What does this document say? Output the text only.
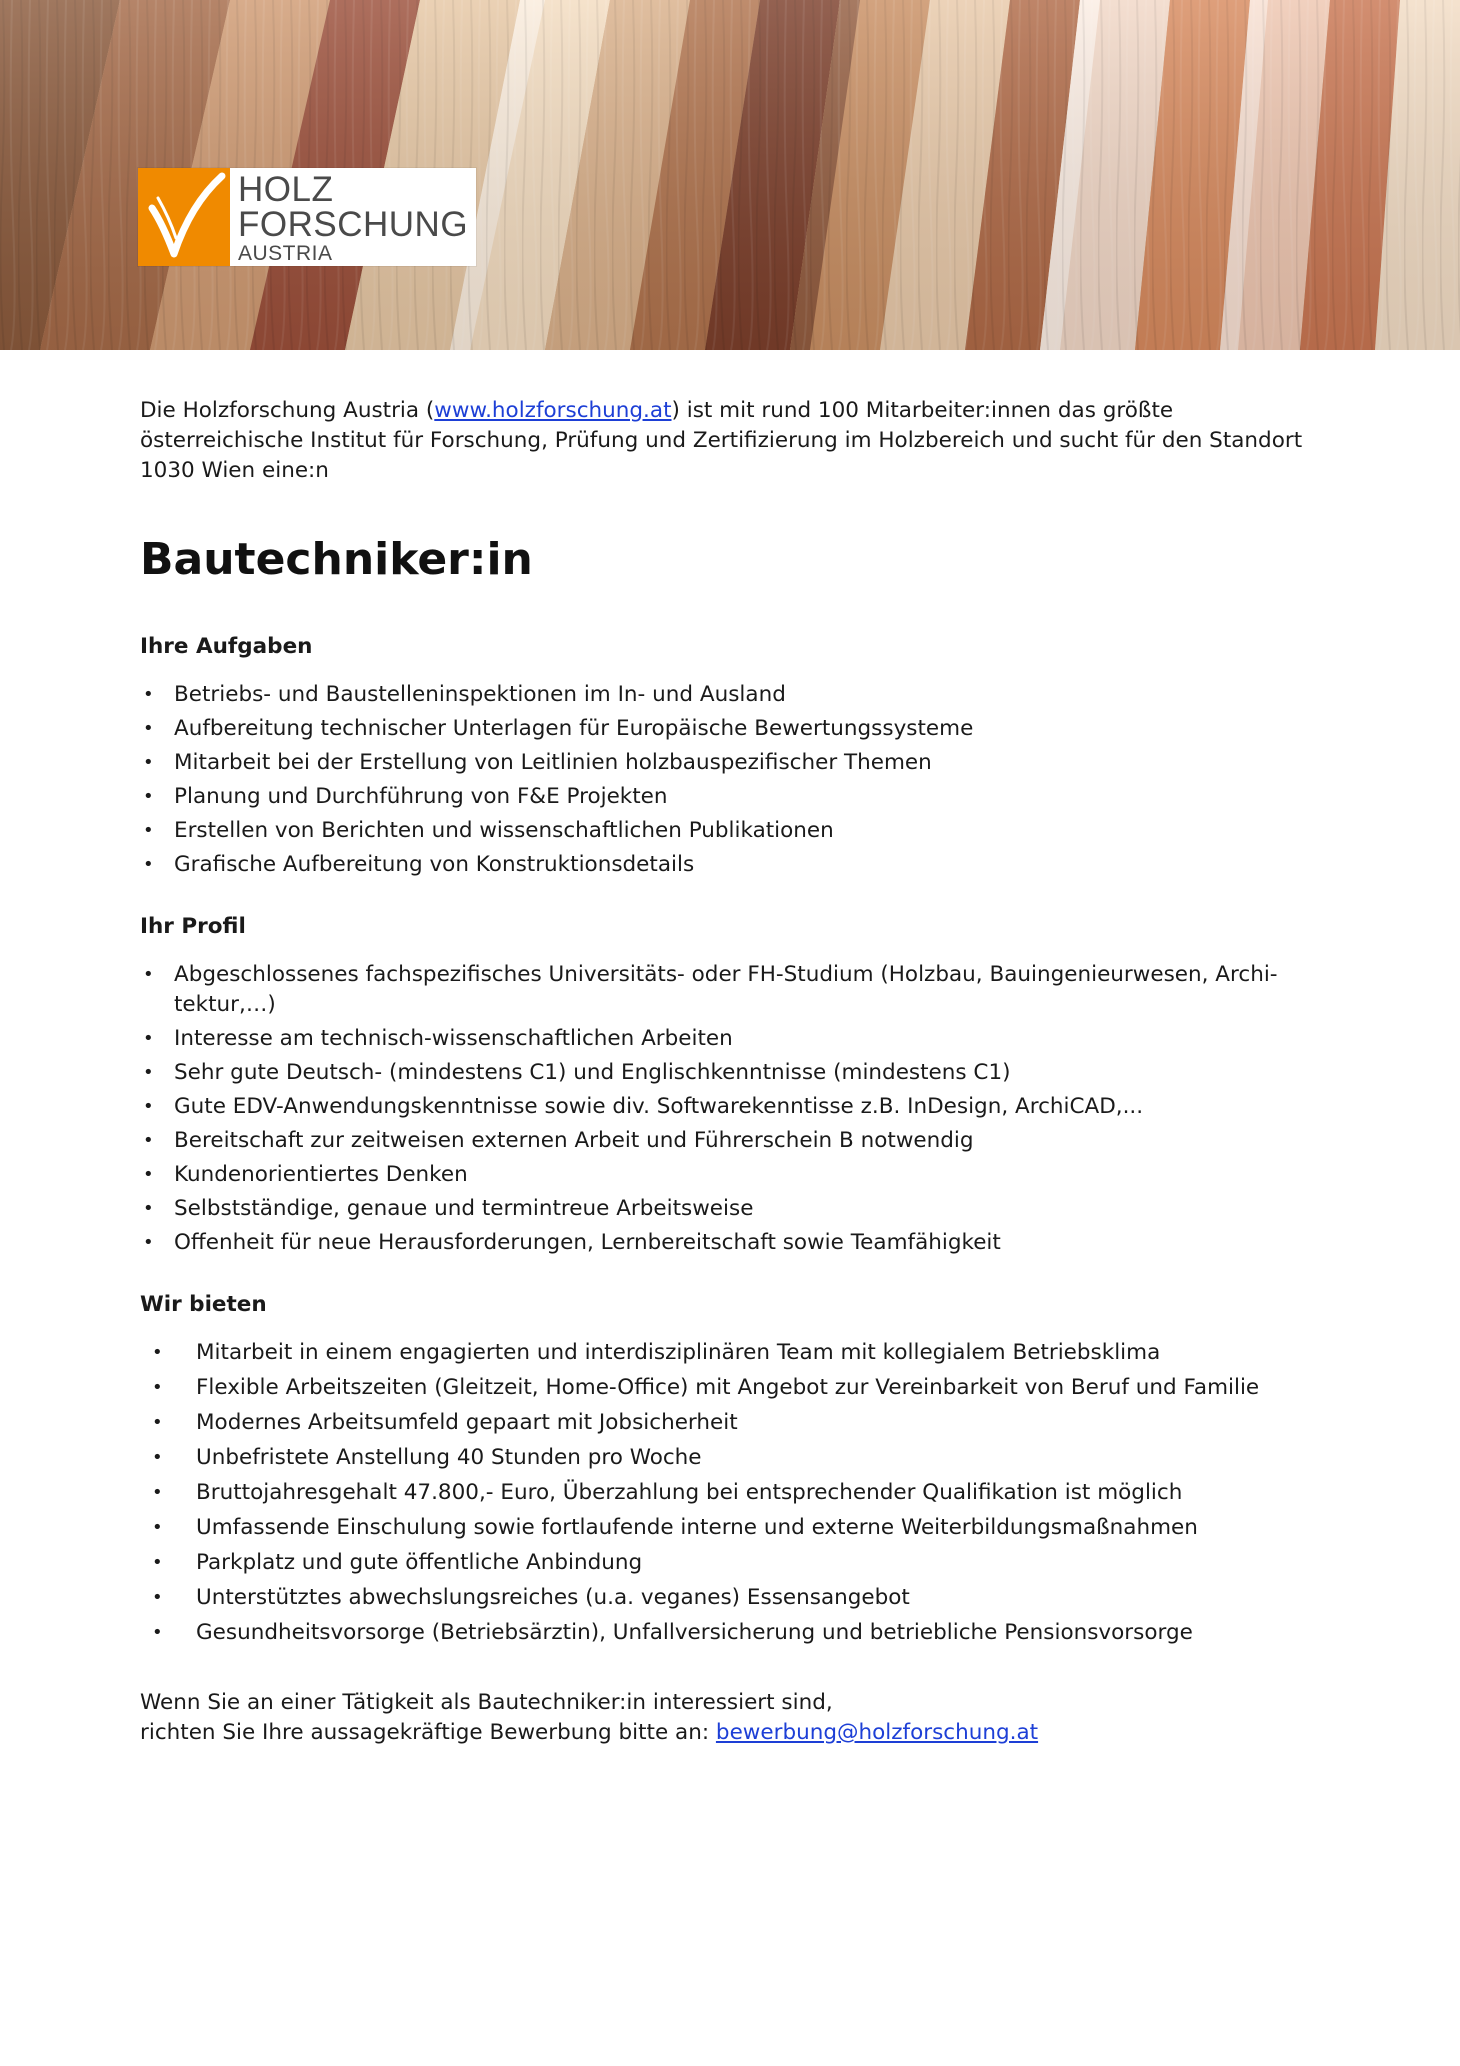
HOLZ
FORSCHUNG
AUSTRIA

Die Holzforschung Austria (www.holzforschung.at) ist mit rund 100 Mitarbeiter:innen das größte österreichische Institut für Forschung, Prüfung und Zertifizierung im Holzbereich und sucht für den Standort 1030 Wien eine:n

Bautechniker:in
Ihre Aufgaben
• Betriebs- und Baustelleninspektionen im In- und Ausland
• Aufbereitung technischer Unterlagen für Europäische Bewertungssysteme
• Mitarbeit bei der Erstellung von Leitlinien holzbauspezifischer Themen
• Planung und Durchführung von F&E Projekten
• Erstellen von Berichten und wissenschaftlichen Publikationen
• Grafische Aufbereitung von Konstruktionsdetails
Ihr Profil
• Abgeschlossenes fachspezifisches Universitäts- oder FH-Studium (Holzbau, Bauingenieurwesen, Archi-tektur,…)
• Interesse am technisch-wissenschaftlichen Arbeiten
• Sehr gute Deutsch- (mindestens C1) und Englischkenntnisse (mindestens C1)
• Gute EDV-Anwendungskenntnisse sowie div. Softwarekenntisse z.B. InDesign, ArchiCAD,...
• Bereitschaft zur zeitweisen externen Arbeit und Führerschein B notwendig
• Kundenorientiertes Denken
• Selbstständige, genaue und termintreue Arbeitsweise
• Offenheit für neue Herausforderungen, Lernbereitschaft sowie Teamfähigkeit
Wir bieten
• Mitarbeit in einem engagierten und interdisziplinären Team mit kollegialem Betriebsklima
• Flexible Arbeitszeiten (Gleitzeit, Home-Office) mit Angebot zur Vereinbarkeit von Beruf und Familie
• Modernes Arbeitsumfeld gepaart mit Jobsicherheit
• Unbefristete Anstellung 40 Stunden pro Woche
• Bruttojahresgehalt 47.800,- Euro, Überzahlung bei entsprechender Qualifikation ist möglich
• Umfassende Einschulung sowie fortlaufende interne und externe Weiterbildungsmaßnahmen
• Parkplatz und gute öffentliche Anbindung
• Unterstütztes abwechslungsreiches (u.a. veganes) Essensangebot
• Gesundheitsvorsorge (Betriebsärztin), Unfallversicherung und betriebliche Pensionsvorsorge

Wenn Sie an einer Tätigkeit als Bautechniker:in interessiert sind,
richten Sie Ihre aussagekräftige Bewerbung bitte an: bewerbung@holzforschung.at
